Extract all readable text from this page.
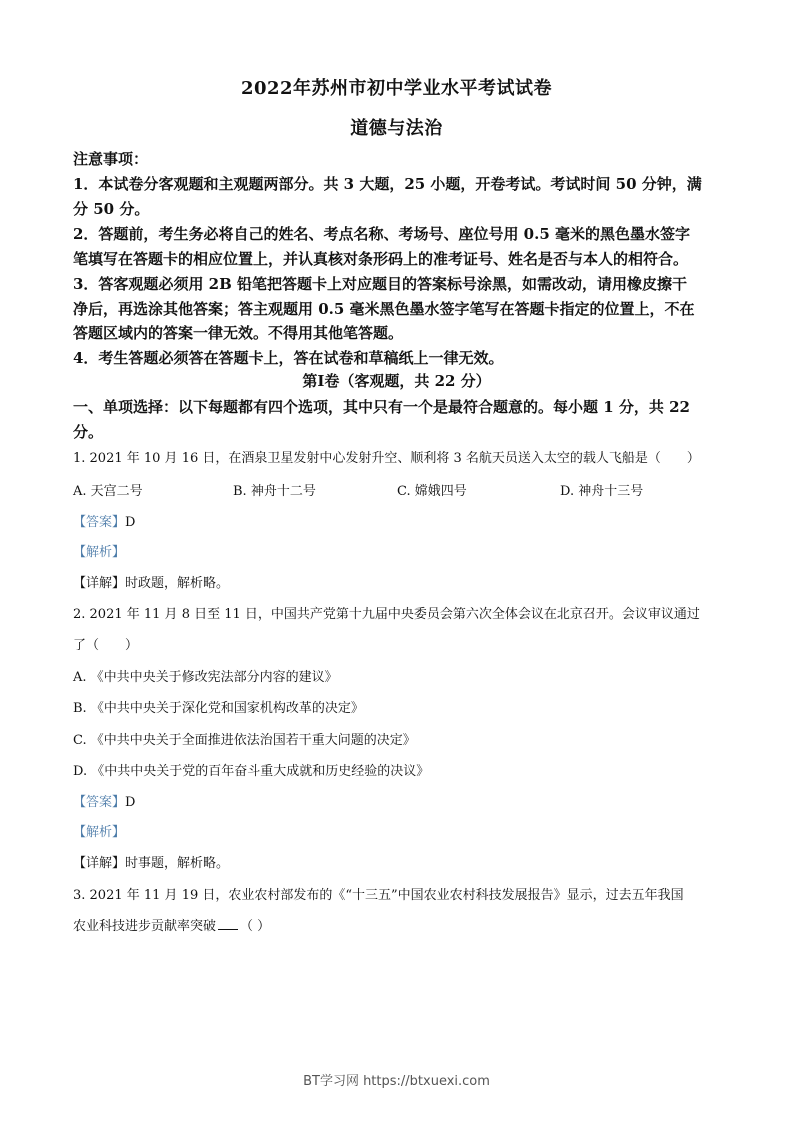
2022年苏州市初中学业水平考试试卷
道德与法治
注意事项：
1．本试卷分客观题和主观题两部分。共 3 大题，25 小题，开卷考试。考试时间 50 分钟，满
分 50 分。
2．答题前，考生务必将自己的姓名、考点名称、考场号、座位号用 0.5 毫米的黑色墨水签字
笔填写在答题卡的相应位置上，并认真核对条形码上的准考证号、姓名是否与本人的相符合。
3．答客观题必须用 2B 铅笔把答题卡上对应题目的答案标号涂黑，如需改动，请用橡皮擦干
净后，再选涂其他答案；答主观题用 0.5 毫米黑色墨水签字笔写在答题卡指定的位置上，不在
答题区域内的答案一律无效。不得用其他笔答题。
4．考生答题必须答在答题卡上，答在试卷和草稿纸上一律无效。
第Ⅰ卷（客观题，共 22 分）
一、单项选择：以下每题都有四个选项，其中只有一个是最符合题意的。每小题 1 分，共 22
分。
1. 2021 年 10 月 16 日，在酒泉卫星发射中心发射升空、顺利将 3 名航天员送入太空的载人飞船是（　　）
A. 天宫二号	B. 神舟十二号	C. 嫦娥四号	D. 神舟十三号
【答案】D
【解析】
【详解】时政题，解析略。
2. 2021 年 11 月 8 日至 11 日，中国共产党第十九届中央委员会第六次全体会议在北京召开。会议审议通过
了（　　）
A. 《中共中央关于修改宪法部分内容的建议》
B. 《中共中央关于深化党和国家机构改革的决定》
C. 《中共中央关于全面推进依法治国若干重大问题的决定》
D. 《中共中央关于党的百年奋斗重大成就和历史经验的决议》
【答案】D
【解析】
【详解】时事题，解析略。
3. 2021 年 11 月 19 日，农业农村部发布的《“十三五”中国农业农村科技发展报告》显示，过去五年我国
农业科技进步贡献率突破 （ ）
BT学习网 https://btxuexi.com
